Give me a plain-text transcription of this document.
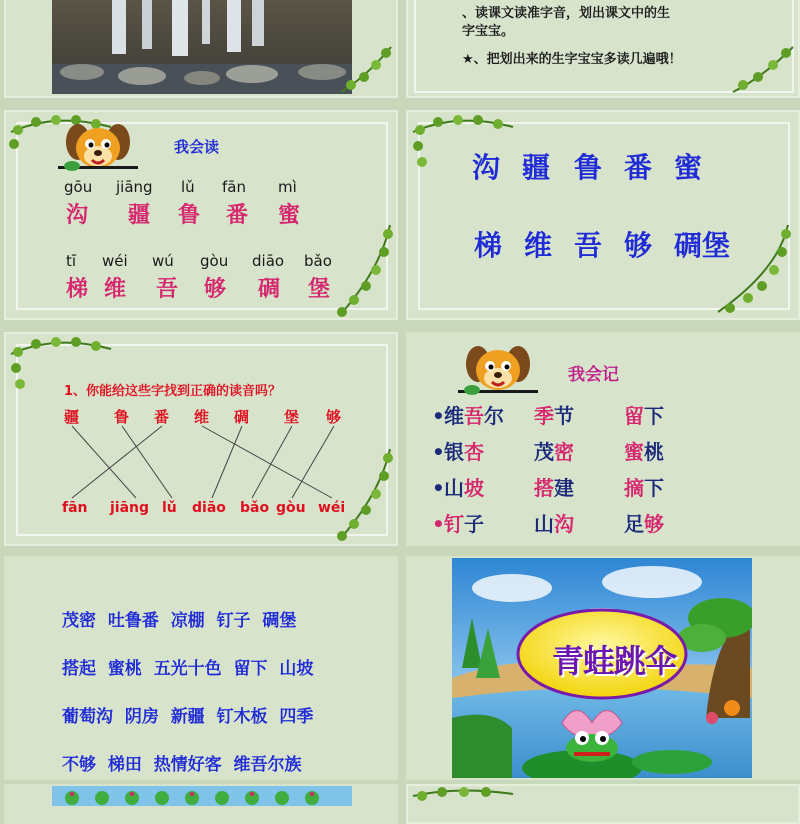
、读课文读准字音，划出课文中的生
字宝宝。
★、把划出来的生字宝宝多读几遍哦！
我会读
gōu jiāng lǔ fān mì
沟 疆 鲁 番 蜜
tī wéi wú gòu diāo bǎo
梯 维 吾 够 碉 堡
沟 疆 鲁 番 蜜
梯 维 吾 够 碉堡
1、你能给这些字找到正确的读音吗？
疆 鲁 番 维 碉 堡 够
fān jiāng lǔ diāo bǎo gòu wéi
我会记
•维吾尔 季节	留下
•银杏	茂密	蜜桃
•山坡	搭建	摘下
•钉子	山沟	足够
茂密 吐鲁番 凉棚 钉子 碉堡
搭起 蜜桃 五光十色 留下 山坡
葡萄沟 阴房 新疆 钉木板 四季
不够 梯田 热情好客 维吾尔族
青蛙跳伞
